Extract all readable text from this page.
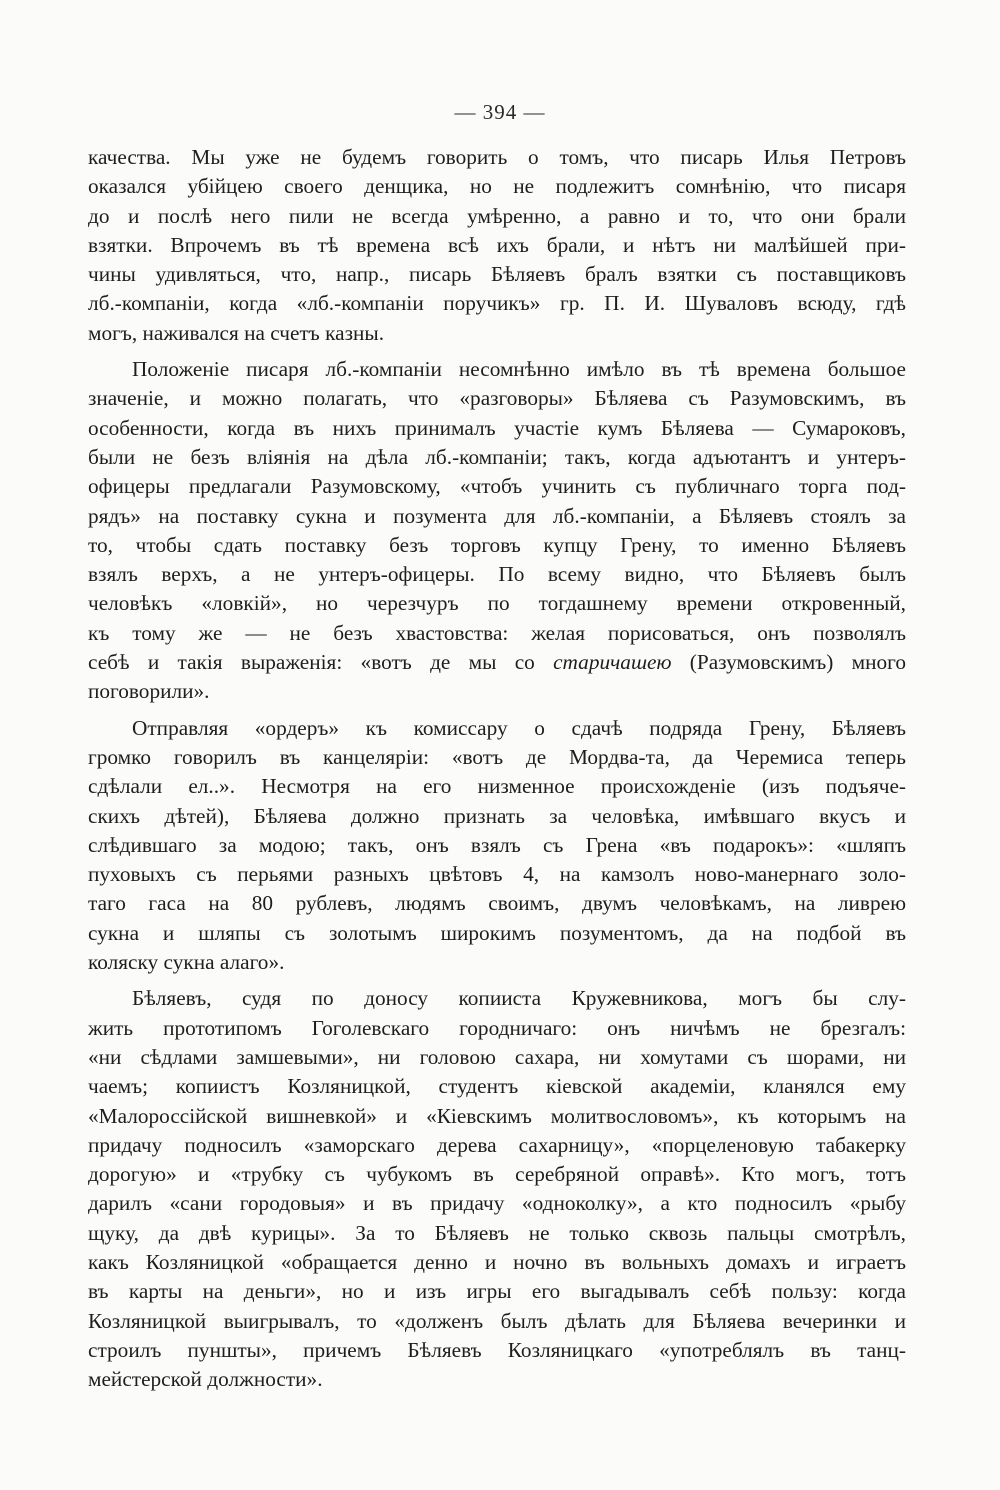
— 394 —
качества. Мы уже не будемъ говорить о томъ, что писарь Илья Петровъ
оказался убійцею своего денщика, но не подлежитъ сомнѣнію, что писаря
до и послѣ него пили не всегда умѣренно, а равно и то, что они брали
взятки. Впрочемъ въ тѣ времена всѣ ихъ брали, и нѣтъ ни малѣйшей при-
чины удивляться, что, напр., писарь Бѣляевъ бралъ взятки съ поставщиковъ
лб.-компаніи, когда «лб.-компаніи поручикъ» гр. П. И. Шуваловъ всюду, гдѣ
могъ, наживался на счетъ казны.
Положеніе писаря лб.-компаніи несомнѣнно имѣло въ тѣ времена большое
значеніе, и можно полагать, что «разговоры» Бѣляева съ Разумовскимъ, въ
особенности, когда въ нихъ принималъ участіе кумъ Бѣляева — Сумароковъ,
были не безъ вліянія на дѣла лб.-компаніи; такъ, когда адъютантъ и унтеръ-
офицеры предлагали Разумовскому, «чтобъ учинить съ публичнаго торга под-
рядъ» на поставку сукна и позумента для лб.-компаніи, а Бѣляевъ стоялъ за
то, чтобы сдать поставку безъ торговъ купцу Грену, то именно Бѣляевъ
взялъ верхъ, а не унтеръ-офицеры. По всему видно, что Бѣляевъ былъ
человѣкъ «ловкій», но черезчуръ по тогдашнему времени откровенный,
къ тому же — не безъ хвастовства: желая порисоваться, онъ позволялъ
себѣ и такія выраженія: «вотъ де мы со старичашею (Разумовскимъ) много
поговорили».
Отправляя «ордеръ» къ комиссару о сдачѣ подряда Грену, Бѣляевъ
громко говорилъ въ канцеляріи: «вотъ де Мордва-та, да Черемиса теперь
сдѣлали ел..». Несмотря на его низменное происхожденіе (изъ подъяче-
скихъ дѣтей), Бѣляева должно признать за человѣка, имѣвшаго вкусъ и
слѣдившаго за модою; такъ, онъ взялъ съ Грена «въ подарокъ»: «шляпъ
пуховыхъ съ перьями разныхъ цвѣтовъ 4, на камзолъ ново-манернаго золо-
таго гаса на 80 рублевъ, людямъ своимъ, двумъ человѣкамъ, на ливрею
сукна и шляпы съ золотымъ широкимъ позументомъ, да на подбой въ
коляску сукна алаго».
Бѣляевъ, судя по доносу копииста Кружевникова, могъ бы слу-
жить прототипомъ Гоголевскаго городничаго: онъ ничѣмъ не брезгалъ:
«ни сѣдлами замшевыми», ни головою сахара, ни хомутами съ шорами, ни
чаемъ; копиистъ Козляницкой, студентъ кіевской академіи, кланялся ему
«Малороссійской вишневкой» и «Кіевскимъ молитвословомъ», къ которымъ на
придачу подносилъ «заморскаго дерева сахарницу», «порцеленовую табакерку
дорогую» и «трубку съ чубукомъ въ серебряной оправѣ». Кто могъ, тотъ
дарилъ «сани городовыя» и въ придачу «одноколку», а кто подносилъ «рыбу
щуку, да двѣ курицы». За то Бѣляевъ не только сквозь пальцы смотрѣлъ,
какъ Козляницкой «обращается денно и ночно въ вольныхъ домахъ и играетъ
въ карты на деньги», но и изъ игры его выгадывалъ себѣ пользу: когда
Козляницкой выигрывалъ, то «долженъ былъ дѣлать для Бѣляева вечеринки и
строилъ пуншты», причемъ Бѣляевъ Козляницкаго «употреблялъ въ танц-
мейстерской должности».
